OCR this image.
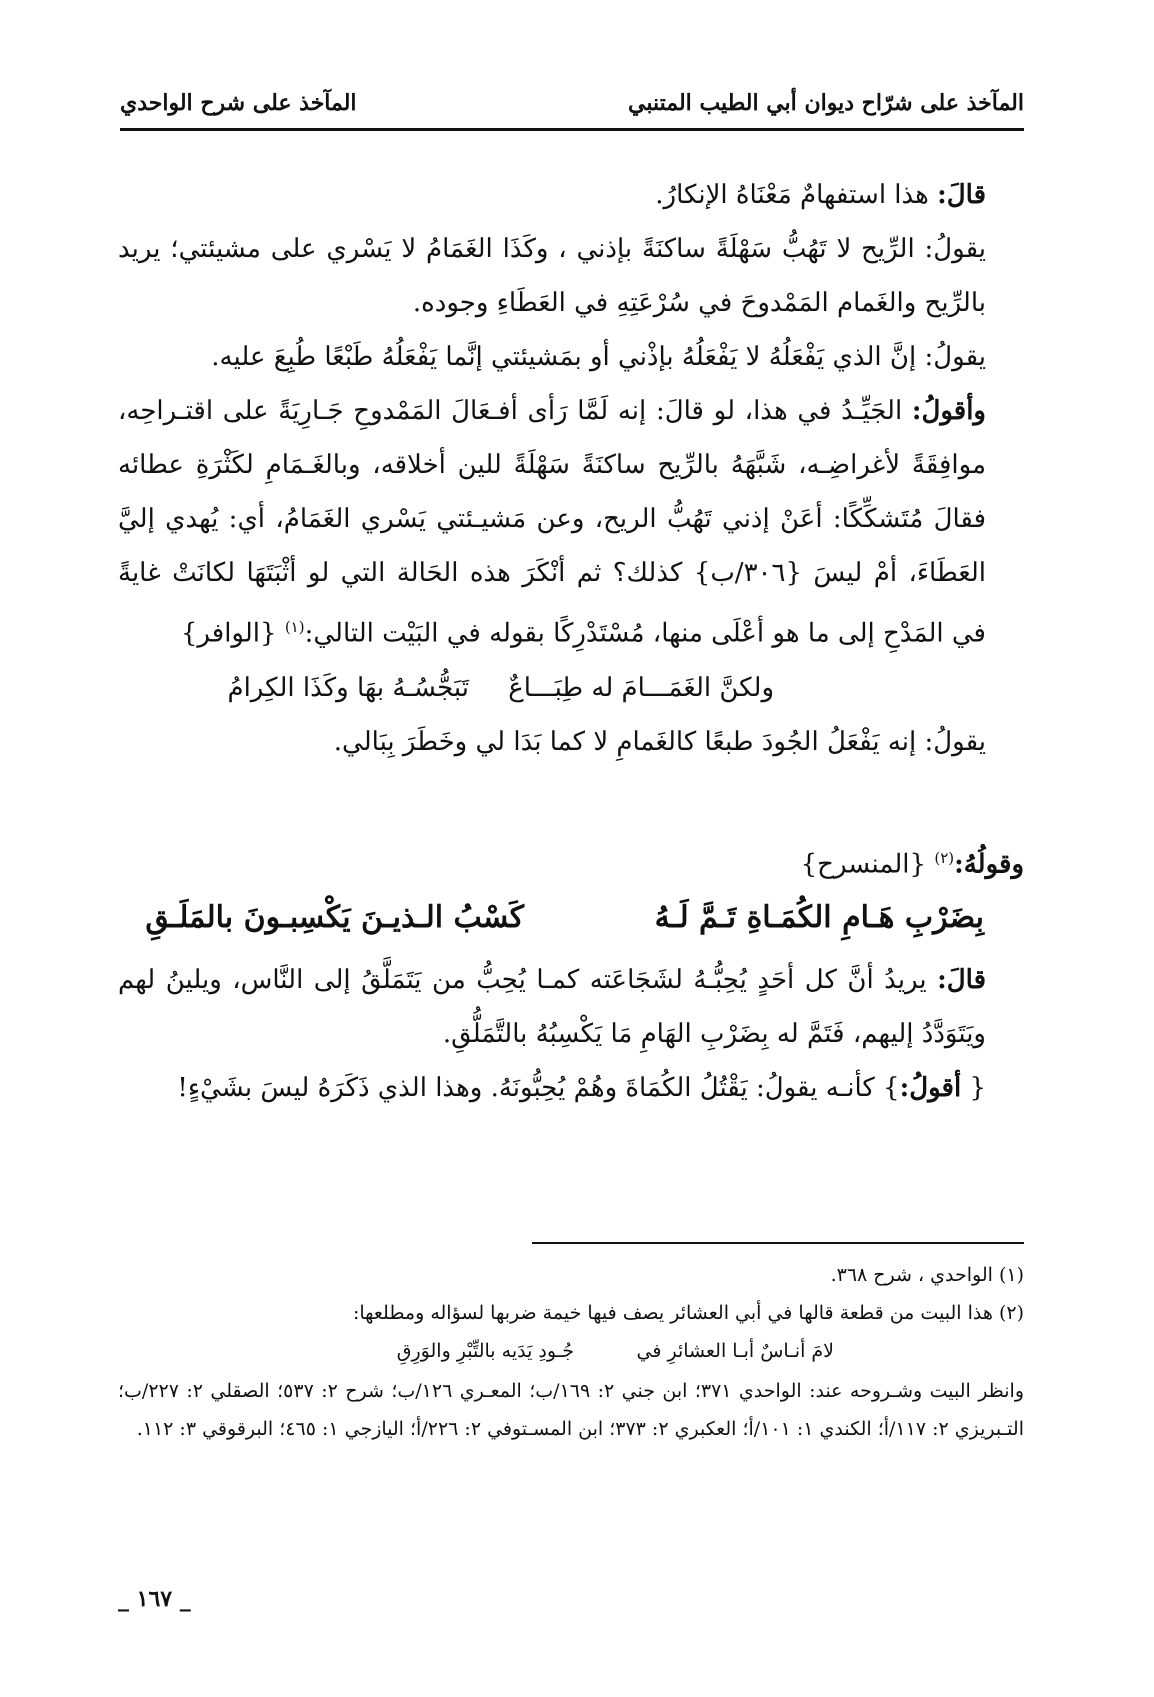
المآخذ على شرّاح ديوان أبي الطيب المتنبي
المآخذ على شرح الواحدي

قالَ: هذا استفهامٌ مَعْنَاهُ الإنكارُ.

يقولُ: الرِّيح لا تَهُبُّ سَهْلَةً ساكنَةً بإذني ، وكَذَا الغَمَامُ لا يَسْري على مشيئتي؛ يريد بالرِّيح والغَمام المَمْدوحَ في سُرْعَتِهِ في العَطَاءِ وجوده.

يقولُ: إنَّ الذي يَفْعَلُهُ لا يَفْعَلُهُ بإذْني أو بمَشيئتي إنَّما يَفْعَلُهُ طَبْعًا طُبِعَ عليه.

وأقولُ: الجَيِّـدُ في هذا، لو قالَ: إنه لَمَّا رَأى أفـعَالَ المَمْدوحِ جَـارِيَةً على اقتـراحِه، موافِقَةً لأغراضِـه، شَبَّهَهُ بالرِّيح ساكنَةً سَهْلَةً للين أخلاقه، وبالغَـمَامِ لكَثْرَةِ عطائه فقالَ مُتَشكِّكًا: أعَنْ إذني تَهُبُّ الريح، وعن مَشيـئتي يَسْري الغَمَامُ، أي: يُهدي إليَّ العَطَاءَ، أمْ ليسَ {٣٠٦/ب} كذلك؟ ثم أنْكَرَ هذه الحَالة التي لو أثْبَتَهَا لكانَتْ غايةً في المَدْحِ إلى ما هو أعْلَى منها، مُسْتَدْرِكًا بقوله في البَيْت التالي:$^{(١)}$ {الوافر}

ولكنَّ الغَمَـــامَ له طِبَـــاعٌ
تَبَجُّسُـهُ بهَا وكَذَا الكِرامُ

يقولُ: إنه يَفْعَلُ الجُودَ طبعًا كالغَمامِ لا كما بَدَا لي وخَطَرَ بِبَالي.

وقولُهُ:$^{(٢)}$ {المنسرح}

بِضَرْبِ هَـامِ الكُمَـاةِ تَـمَّ لَـهُ
كَسْبُ الـذيـنَ يَكْسِبـونَ بالمَلَـقِ

قالَ: يريدُ أنَّ كل أحَدٍ يُحِبُّـهُ لشَجَاعَته كمـا يُحِبُّ من يَتَمَلَّقُ إلى النَّاس، ويلينُ لهم ويَتَوَدَّدُ إليهم، فَتَمَّ له بِضَرْبِ الهَامِ مَا يَكْسِبُهُ بالتَّمَلُّقِ.

{ أقولُ:} كأنـه يقولُ: يَقْتُلُ الكُمَاةَ وهُمْ يُحِبُّونَهُ. وهذا الذي ذَكَرَهُ ليسَ بشَيْءٍ!

(١) الواحدي ، شرح ٣٦٨.
(٢) هذا البيت من قطعة قالها في أبي العشائر يصف فيها خيمة ضربها لسؤاله ومطلعها:
لامَ أنـاسٌ أبـا العشائرِ في
جُـودِ يَدَيه بالتِّبْرِ والوَرِقِ
وانظر البيت وشـروحه عند: الواحدي ٣٧١؛ ابن جني ٢: ١٦٩/ب؛ المعـري ١٢٦/ب؛ شرح ٢: ٥٣٧؛ الصقلي ٢: ٢٢٧/ب؛ التـبريزي ٢: ١١٧/أ؛ الكندي ١: ١٠١/أ؛ العكبري ٢: ٣٧٣؛ ابن المسـتوفي ٢: ٢٢٦/أ؛ اليازجي ١: ٤٦٥؛ البرقوقي ٣: ١١٢.
_ ١٦٧ _
